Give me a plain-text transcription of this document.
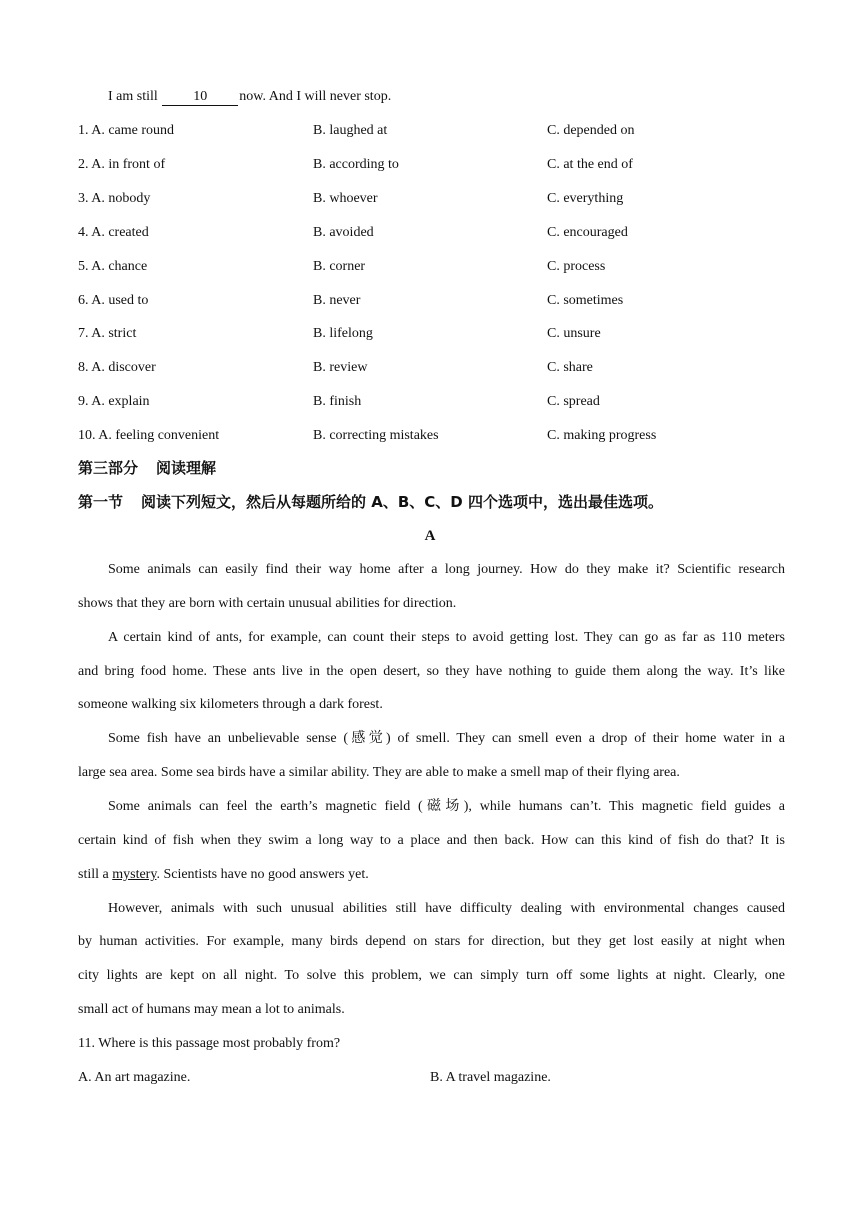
I am still 10 now. And I will never stop.
1. A. came round	B. laughed at	C. depended on
2. A. in front of	B. according to	C. at the end of
3. A. nobody	B. whoever	C. everything
4. A. created	B. avoided	C. encouraged
5. A. chance	B. corner	C. process
6. A. used to	B. never	C. sometimes
7. A. strict	B. lifelong	C. unsure
8. A. discover	B. review	C. share
9. A. explain	B. finish	C. spread
10. A. feeling convenient	B. correcting mistakes	C. making progress
第三部分 阅读理解
第一节 阅读下列短文，然后从每题所给的 A、B、C、D 四个选项中，选出最佳选项。
A
Some animals can easily find their way home after a long journey. How do they make it? Scientific research
shows that they are born with certain unusual abilities for direction.
A certain kind of ants, for example, can count their steps to avoid getting lost. They can go as far as 110 meters
and bring food home. These ants live in the open desert, so they have nothing to guide them along the way. It’s like
someone walking six kilometers through a dark forest.
Some fish have an unbelievable sense (感觉) of smell. They can smell even a drop of their home water in a
large sea area. Some sea birds have a similar ability. They are able to make a smell map of their flying area.
Some animals can feel the earth’s magnetic field (磁场), while humans can’t. This magnetic field guides a
certain kind of fish when they swim a long way to a place and then back. How can this kind of fish do that? It is
still a mystery. Scientists have no good answers yet.
However, animals with such unusual abilities still have difficulty dealing with environmental changes caused
by human activities. For example, many birds depend on stars for direction, but they get lost easily at night when
city lights are kept on all night. To solve this problem, we can simply turn off some lights at night. Clearly, one
small act of humans may mean a lot to animals.
11. Where is this passage most probably from?
A. An art magazine.	B. A travel magazine.
